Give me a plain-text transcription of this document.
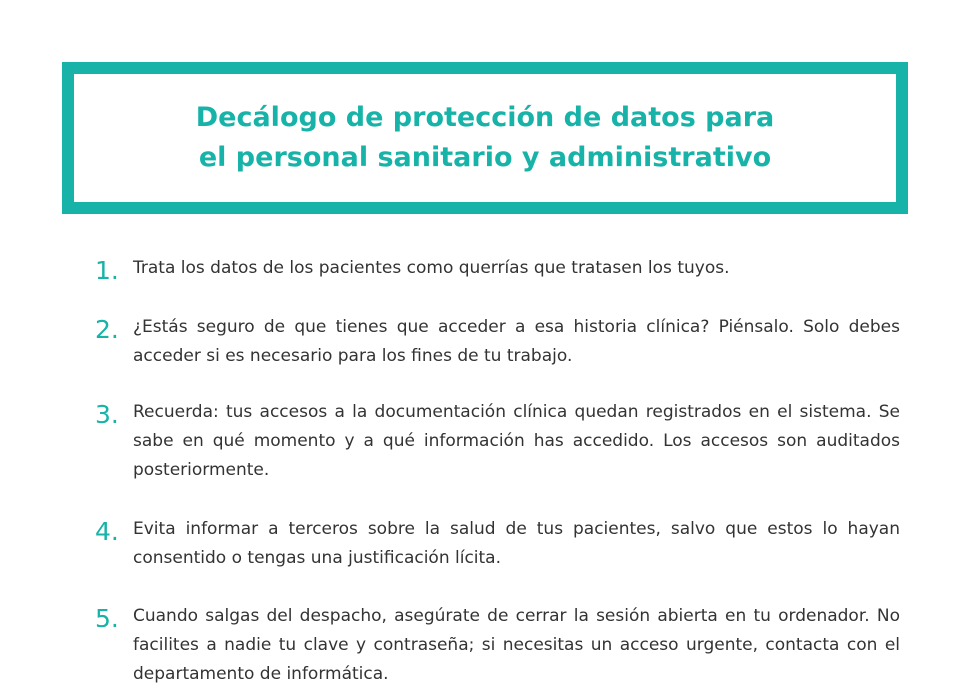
Decálogo de protección de datos para
el personal sanitario y administrativo
1. Trata los datos de los pacientes como querrías que tratasen los tuyos.
2. ¿Estás seguro de que tienes que acceder a esa historia clínica? Piénsalo. Solo debes acceder si es necesario para los fines de tu trabajo.
3. Recuerda: tus accesos a la documentación clínica quedan registrados en el sistema. Se sabe en qué momento y a qué información has accedido. Los accesos son auditados posteriormente.
4. Evita informar a terceros sobre la salud de tus pacientes, salvo que estos lo hayan consentido o tengas una justificación lícita.
5. Cuando salgas del despacho, asegúrate de cerrar la sesión abierta en tu ordenador. No facilites a nadie tu clave y contraseña; si necesitas un acceso urgente, contacta con el departamento de informática.
